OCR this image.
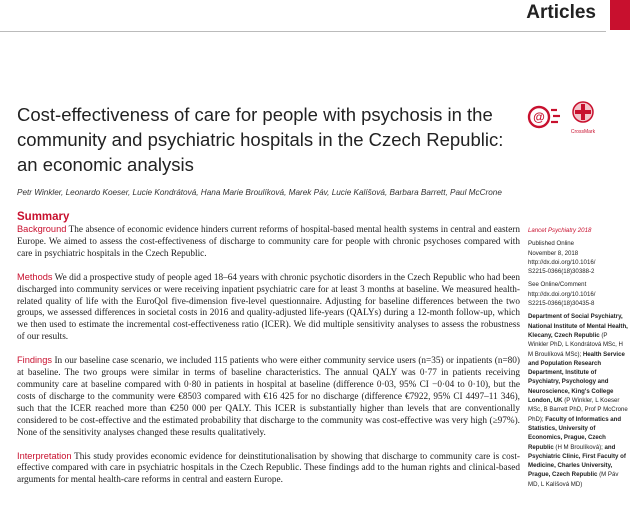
Articles
Cost-effectiveness of care for people with psychosis in the
community and psychiatric hospitals in the Czech Republic:
an economic analysis
@
CrossMark
Petr Winkler, Leonardo Koeser, Lucie Kondrátová, Hana Marie Broulíková, Marek Páv, Lucie Kalíšová, Barbara Barrett, Paul McCrone
Summary

Background The absence of economic evidence hinders current reforms of hospital-based mental health systems in central and eastern Europe. We aimed to assess the cost-effectiveness of discharge to community care for people with chronic psychoses compared with care in psychiatric hospitals in the Czech Republic.

Methods We did a prospective study of people aged 18–64 years with chronic psychotic disorders in the Czech Republic who had been discharged into community services or were receiving inpatient psychiatric care for at least 3 months at baseline. We measured health-related quality of life with the EuroQol five-dimension five-level questionnaire. Adjusting for baseline differences between the two groups, we assessed differences in societal costs in 2016 and quality-adjusted life-years (QALYs) during a 12-month follow-up, which we then used to estimate the incremental cost-effectiveness ratio (ICER). We did multiple sensitivity analyses to assess the robustness of our results.

Findings In our baseline case scenario, we included 115 patients who were either community service users (n=35) or inpatients (n=80) at baseline. The two groups were similar in terms of baseline characteristics. The annual QALY was 0·77 in patients receiving community care at baseline compared with 0·80 in patients in hospital at baseline (difference 0·03, 95% CI −0·04 to 0·10), but the costs of discharge to the community were €8503 compared with €16 425 for no discharge (difference €7922, 95% CI 4497–11 346), such that the ICER reached more than €250 000 per QALY. This ICER is substantially higher than levels that are conventionally considered to be cost-effective and the estimated probability that discharge to the community was cost-effective was very high (≥97%). None of the sensitivity analyses changed these results qualitatively.

Interpretation This study provides economic evidence for deinstitutionalisation by showing that discharge to community care is cost-effective compared with care in psychiatric hospitals in the Czech Republic. These findings add to the human rights and clinical-based arguments for mental health-care reforms in central and eastern Europe.

Lancet Psychiatry 2018
Published Online
November 8, 2018
http://dx.doi.org/10.1016/
S2215-0366(18)30388-2
See Online/Comment
http://dx.doi.org/10.1016/
S2215-0366(18)30435-8
Department of Social Psychiatry, National Institute of Mental Health, Klecany, Czech Republic (P Winkler PhD, L Kondrátová MSc, H M Broulíková MSc); Health Service and Population Research Department, Institute of Psychiatry, Psychology and Neuroscience, King's College London, UK (P Winkler, L Koeser MSc, B Barrett PhD, Prof P McCrone PhD); Faculty of Informatics and Statistics, University of Economics, Prague, Czech Republic (H M Broulíková); and Psychiatric Clinic, First Faculty of Medicine, Charles University, Prague, Czech Republic (M Páv MD, L Kalíšová MD)
